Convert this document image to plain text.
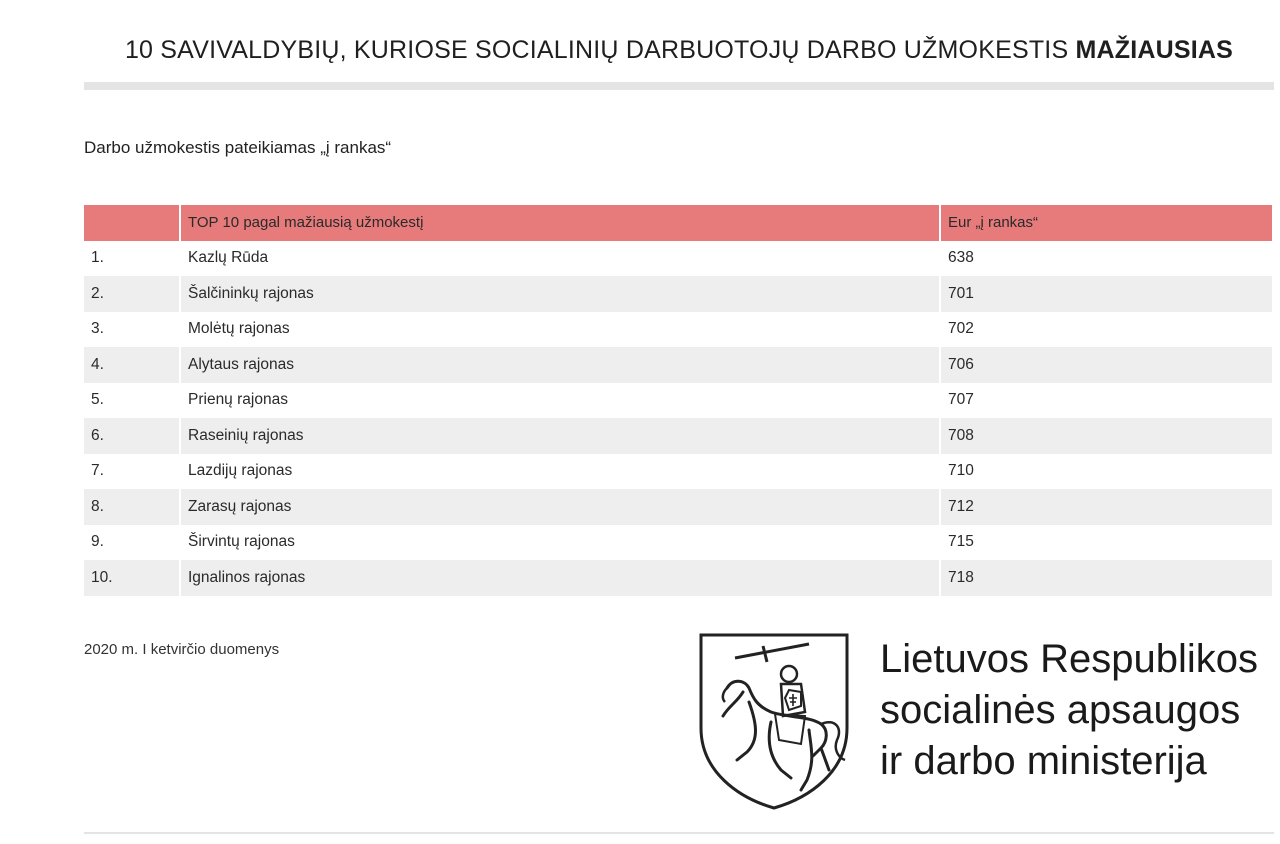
10 SAVIVALDYBIŲ, KURIOSE SOCIALINIŲ DARBUOTOJŲ DARBO UŽMOKESTIS MAŽIAUSIAS
Darbo užmokestis pateikiamas „į rankas“
	TOP 10 pagal mažiausią užmokestį	Eur „į rankas“
1.	Kazlų Rūda	638
2.	Šalčininkų rajonas	701
3.	Molėtų rajonas	702
4.	Alytaus rajonas	706
5.	Prienų rajonas	707
6.	Raseinių rajonas	708
7.	Lazdijų rajonas	710
8.	Zarasų rajonas	712
9.	Širvintų rajonas	715
10.	Ignalinos rajonas	718
2020 m. I ketvirčio duomenys	Lietuvos Respublikos
socialinės apsaugos
ir darbo ministerija
